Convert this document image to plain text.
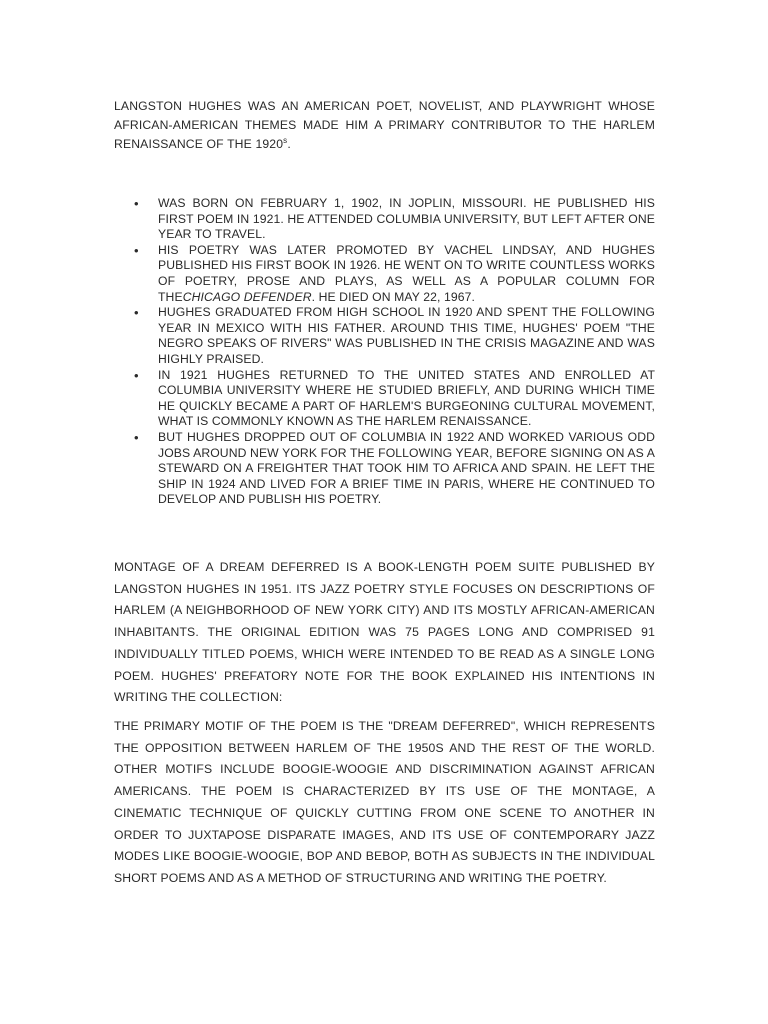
LANGSTON HUGHES WAS AN AMERICAN POET, NOVELIST, AND PLAYWRIGHT WHOSE AFRICAN-AMERICAN THEMES MADE HIM A PRIMARY CONTRIBUTOR TO THE HARLEM RENAISSANCE OF THE 1920$^s$.

• WAS BORN ON FEBRUARY 1, 1902, IN JOPLIN, MISSOURI. HE PUBLISHED HIS FIRST POEM IN 1921. HE ATTENDED COLUMBIA UNIVERSITY, BUT LEFT AFTER ONE YEAR TO TRAVEL.
• HIS POETRY WAS LATER PROMOTED BY VACHEL LINDSAY, AND HUGHES PUBLISHED HIS FIRST BOOK IN 1926. HE WENT ON TO WRITE COUNTLESS WORKS OF POETRY, PROSE AND PLAYS, AS WELL AS A POPULAR COLUMN FOR THECHICAGO DEFENDER. HE DIED ON MAY 22, 1967.
• HUGHES GRADUATED FROM HIGH SCHOOL IN 1920 AND SPENT THE FOLLOWING YEAR IN MEXICO WITH HIS FATHER. AROUND THIS TIME, HUGHES' POEM "THE NEGRO SPEAKS OF RIVERS" WAS PUBLISHED IN THE CRISIS MAGAZINE AND WAS HIGHLY PRAISED.
• IN 1921 HUGHES RETURNED TO THE UNITED STATES AND ENROLLED AT COLUMBIA UNIVERSITY WHERE HE STUDIED BRIEFLY, AND DURING WHICH TIME HE QUICKLY BECAME A PART OF HARLEM'S BURGEONING CULTURAL MOVEMENT, WHAT IS COMMONLY KNOWN AS THE HARLEM RENAISSANCE.
• BUT HUGHES DROPPED OUT OF COLUMBIA IN 1922 AND WORKED VARIOUS ODD JOBS AROUND NEW YORK FOR THE FOLLOWING YEAR, BEFORE SIGNING ON AS A STEWARD ON A FREIGHTER THAT TOOK HIM TO AFRICA AND SPAIN. HE LEFT THE SHIP IN 1924 AND LIVED FOR A BRIEF TIME IN PARIS, WHERE HE CONTINUED TO DEVELOP AND PUBLISH HIS POETRY.

MONTAGE OF A DREAM DEFERRED IS A BOOK-LENGTH POEM SUITE PUBLISHED BY LANGSTON HUGHES IN 1951. ITS JAZZ POETRY STYLE FOCUSES ON DESCRIPTIONS OF HARLEM (A NEIGHBORHOOD OF NEW YORK CITY) AND ITS MOSTLY AFRICAN-AMERICAN INHABITANTS. THE ORIGINAL EDITION WAS 75 PAGES LONG AND COMPRISED 91 INDIVIDUALLY TITLED POEMS, WHICH WERE INTENDED TO BE READ AS A SINGLE LONG POEM. HUGHES' PREFATORY NOTE FOR THE BOOK EXPLAINED HIS INTENTIONS IN WRITING THE COLLECTION:

THE PRIMARY MOTIF OF THE POEM IS THE "DREAM DEFERRED", WHICH REPRESENTS THE OPPOSITION BETWEEN HARLEM OF THE 1950S AND THE REST OF THE WORLD. OTHER MOTIFS INCLUDE BOOGIE-WOOGIE AND DISCRIMINATION AGAINST AFRICAN AMERICANS. THE POEM IS CHARACTERIZED BY ITS USE OF THE MONTAGE, A CINEMATIC TECHNIQUE OF QUICKLY CUTTING FROM ONE SCENE TO ANOTHER IN ORDER TO JUXTAPOSE DISPARATE IMAGES, AND ITS USE OF CONTEMPORARY JAZZ MODES LIKE BOOGIE-WOOGIE, BOP AND BEBOP, BOTH AS SUBJECTS IN THE INDIVIDUAL SHORT POEMS AND AS A METHOD OF STRUCTURING AND WRITING THE POETRY.
